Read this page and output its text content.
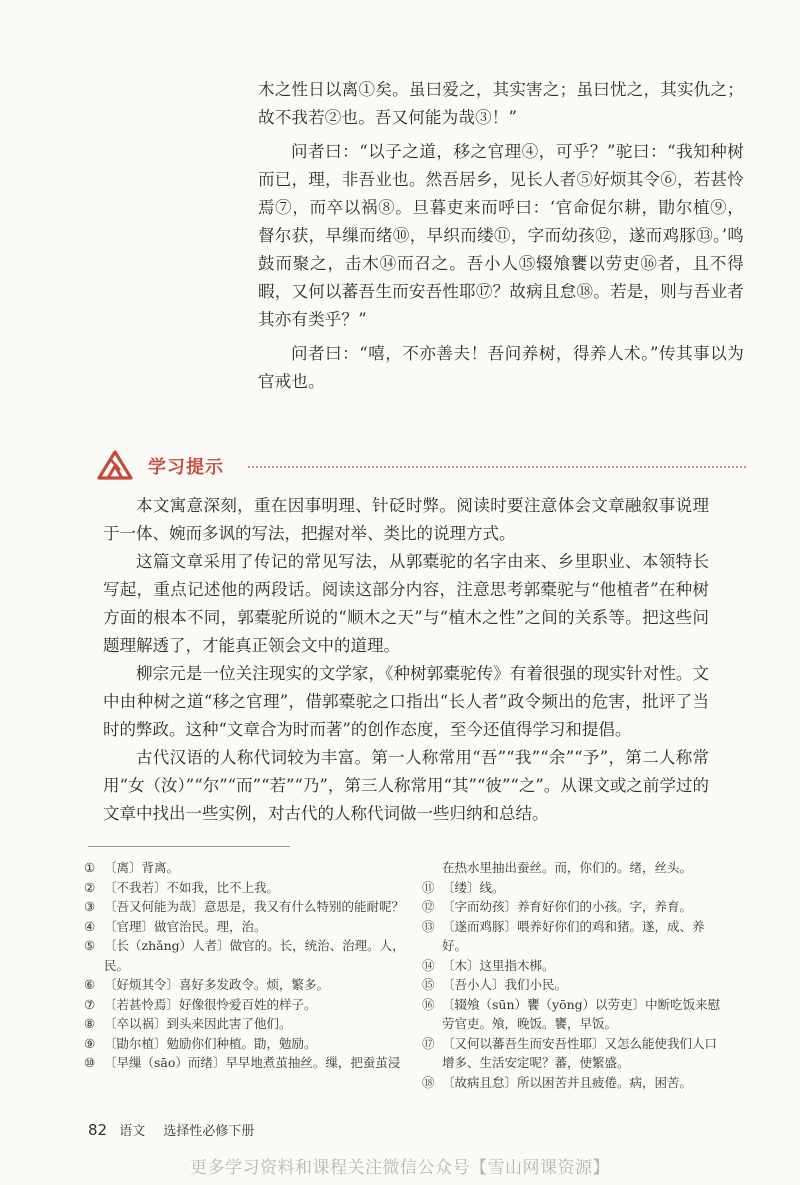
木之性日以离①矣。虽曰爱之，其实害之；虽曰忧之，其实仇之；故不我若②也。吾又何能为哉③！”

问者曰：“以子之道，移之官理④，可乎？”驼曰：“我知种树而已，理，非吾业也。然吾居乡，见长人者⑤好烦其令⑥，若甚怜焉⑦，而卒以祸⑧。旦暮吏来而呼曰：‘官命促尔耕，勖尔植⑨，督尔获，早缫而绪⑩，早织而缕⑪，字而幼孩⑫，遂而鸡豚⑬。’鸣鼓而聚之，击木⑭而召之。吾小人⑮辍飧饔以劳吏⑯者，且不得暇，又何以蕃吾生而安吾性耶⑰？故病且怠⑱。若是，则与吾业者其亦有类乎？”

问者曰：“嘻，不亦善夫！吾问养树，得养人术。”传其事以为官戒也。

学习提示

本文寓意深刻，重在因事明理、针砭时弊。阅读时要注意体会文章融叙事说理于一体、婉而多讽的写法，把握对举、类比的说理方式。

这篇文章采用了传记的常见写法，从郭橐驼的名字由来、乡里职业、本领特长写起，重点记述他的两段话。阅读这部分内容，注意思考郭橐驼与“他植者”在种树方面的根本不同，郭橐驼所说的“顺木之天”与“植木之性”之间的关系等。把这些问题理解透了，才能真正领会文中的道理。

柳宗元是一位关注现实的文学家，《种树郭橐驼传》有着很强的现实针对性。文中由种树之道“移之官理”，借郭橐驼之口指出“长人者”政令频出的危害，批评了当时的弊政。这种“文章合为时而著”的创作态度，至今还值得学习和提倡。

古代汉语的人称代词较为丰富。第一人称常用“吾”“我”“余”“予”，第二人称常用“女（汝）”“尔”“而”“若”“乃”，第三人称常用“其”“彼”“之”。从课文或之前学过的文章中找出一些实例，对古代的人称代词做一些归纳和总结。

① 〔离〕背离。

② 〔不我若〕不如我，比不上我。

③ 〔吾又何能为哉〕意思是，我又有什么特别的能耐呢？

④ 〔官理〕做官治民。理，治。

⑤ 〔长（zhǎng）人者〕做官的。长，统治、治理。人，民。

⑥ 〔好烦其令〕喜好多发政令。烦，繁多。

⑦ 〔若甚怜焉〕好像很怜爱百姓的样子。

⑧ 〔卒以祸〕到头来因此害了他们。

⑨ 〔勖尔植〕勉励你们种植。勖，勉励。

⑩ 〔早缫（sāo）而绪〕早早地煮茧抽丝。缫，把蚕茧浸

在热水里抽出蚕丝。而，你们的。绪，丝头。

⑪ 〔缕〕线。

⑫ 〔字而幼孩〕养育好你们的小孩。字，养育。

⑬ 〔遂而鸡豚〕喂养好你们的鸡和猪。遂，成、养好。

⑭ 〔木〕这里指木梆。

⑮ 〔吾小人〕我们小民。

⑯ 〔辍飧（sūn）饔（yōng）以劳吏〕中断吃饭来慰劳官吏。飧，晚饭。饔，早饭。

⑰ 〔又何以蕃吾生而安吾性耶〕又怎么能使我们人口增多、生活安定呢？蕃，使繁盛。

⑱ 〔故病且怠〕所以困苦并且疲倦。病，困苦。

82 语文 选择性必修下册
更多学习资料和课程关注微信公众号【雪山网课资源】
